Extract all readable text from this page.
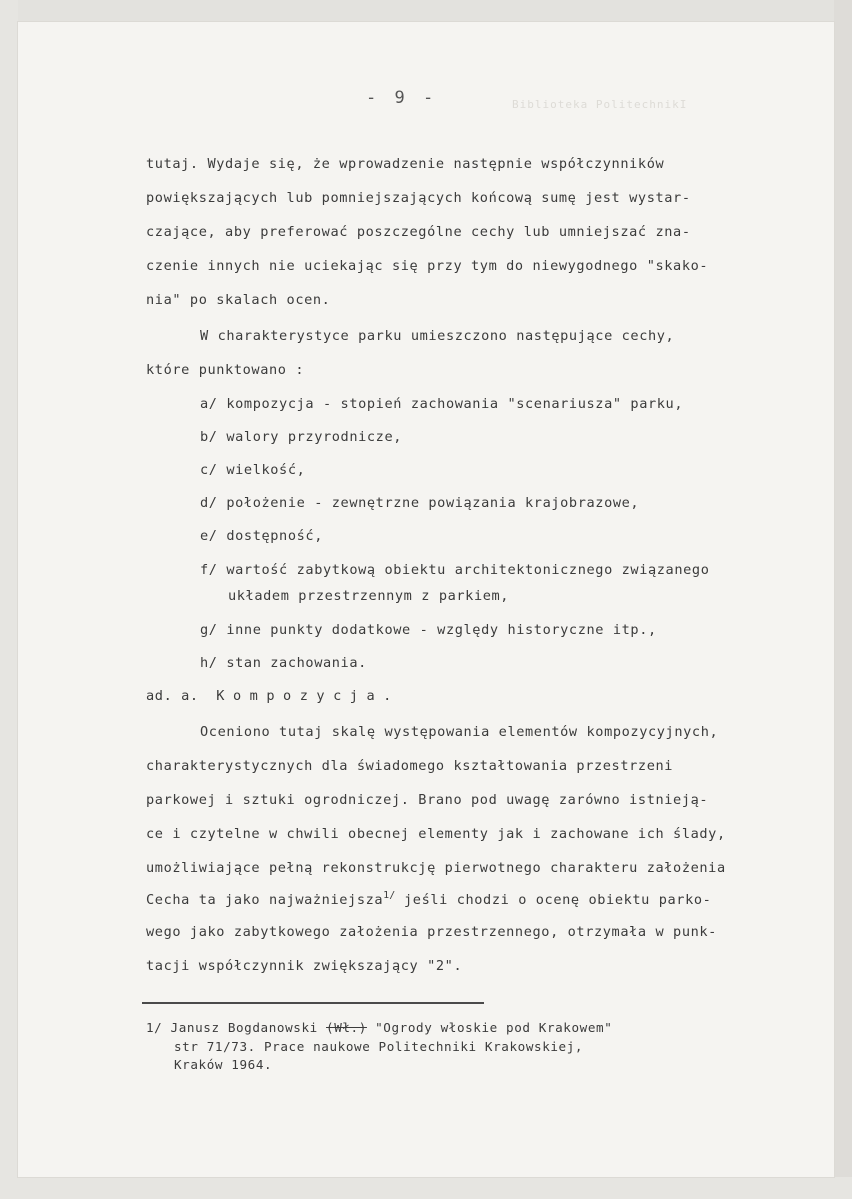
- 9 -	Biblioteka PolitechnikI
tutaj. Wydaje się, że wprowadzenie następnie współczynników
powiększających lub pomniejszających końcową sumę jest wystar-
czające, aby preferować poszczególne cechy lub umniejszać zna-
czenie innych nie uciekając się przy tym do niewygodnego "skako-
nia" po skalach ocen.
W charakterystyce parku umieszczono następujące cechy,
które punktowano :
a/ kompozycja - stopień zachowania "scenariusza" parku,
b/ walory przyrodnicze,
c/ wielkość,
d/ położenie - zewnętrzne powiązania krajobrazowe,
e/ dostępność,
f/ wartość zabytkową obiektu architektonicznego związanego
układem przestrzennym z parkiem,
g/ inne punkty dodatkowe - względy historyczne itp.,
h/ stan zachowania.
ad. a. Kompozycja.
Oceniono tutaj skalę występowania elementów kompozycyjnych,
charakterystycznych dla świadomego kształtowania przestrzeni
parkowej i sztuki ogrodniczej. Brano pod uwagę zarówno istnieją-
ce i czytelne w chwili obecnej elementy jak i zachowane ich ślady,
umożliwiające pełną rekonstrukcję pierwotnego charakteru założenia
Cecha ta jako najważniejsza$^{1/}$ jeśli chodzi o ocenę obiektu parko-
wego jako zabytkowego założenia przestrzennego, otrzymała w punk-
tacji współczynnik zwiększający "2".
1/ Janusz Bogdanowski (Wł.) "Ogrody włoskie pod Krakowem"
str 71/73. Prace naukowe Politechniki Krakowskiej,
Kraków 1964.
